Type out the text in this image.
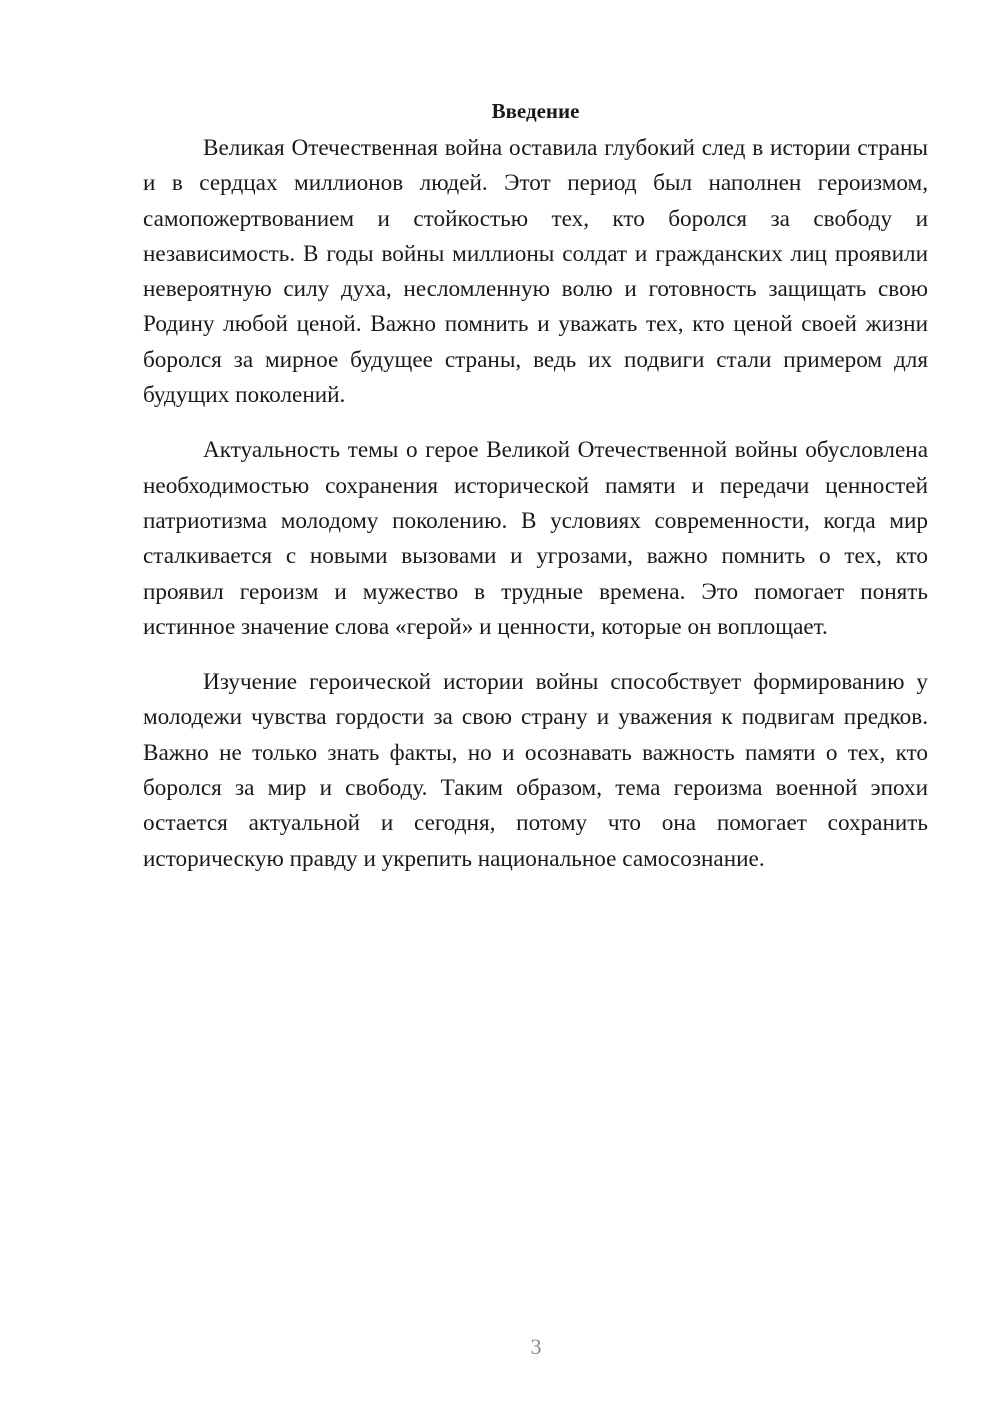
Введение

Великая Отечественная война оставила глубокий след в истории страны и в сердцах миллионов людей. Этот период был наполнен героизмом, самопожертвованием и стойкостью тех, кто боролся за свободу и независимость. В годы войны миллионы солдат и гражданских лиц проявили невероятную силу духа, несломленную волю и готовность защищать свою Родину любой ценой. Важно помнить и уважать тех, кто ценой своей жизни боролся за мирное будущее страны, ведь их подвиги стали примером для будущих поколений.

Актуальность темы о герое Великой Отечественной войны обусловлена необходимостью сохранения исторической памяти и передачи ценностей патриотизма молодому поколению. В условиях современности, когда мир сталкивается с новыми вызовами и угрозами, важно помнить о тех, кто проявил героизм и мужество в трудные времена. Это помогает понять истинное значение слова «герой» и ценности, которые он воплощает.

Изучение героической истории войны способствует формированию у молодежи чувства гордости за свою страну и уважения к подвигам предков. Важно не только знать факты, но и осознавать важность памяти о тех, кто боролся за мир и свободу. Таким образом, тема героизма военной эпохи остается актуальной и сегодня, потому что она помогает сохранить историческую правду и укрепить национальное самосознание.

3
